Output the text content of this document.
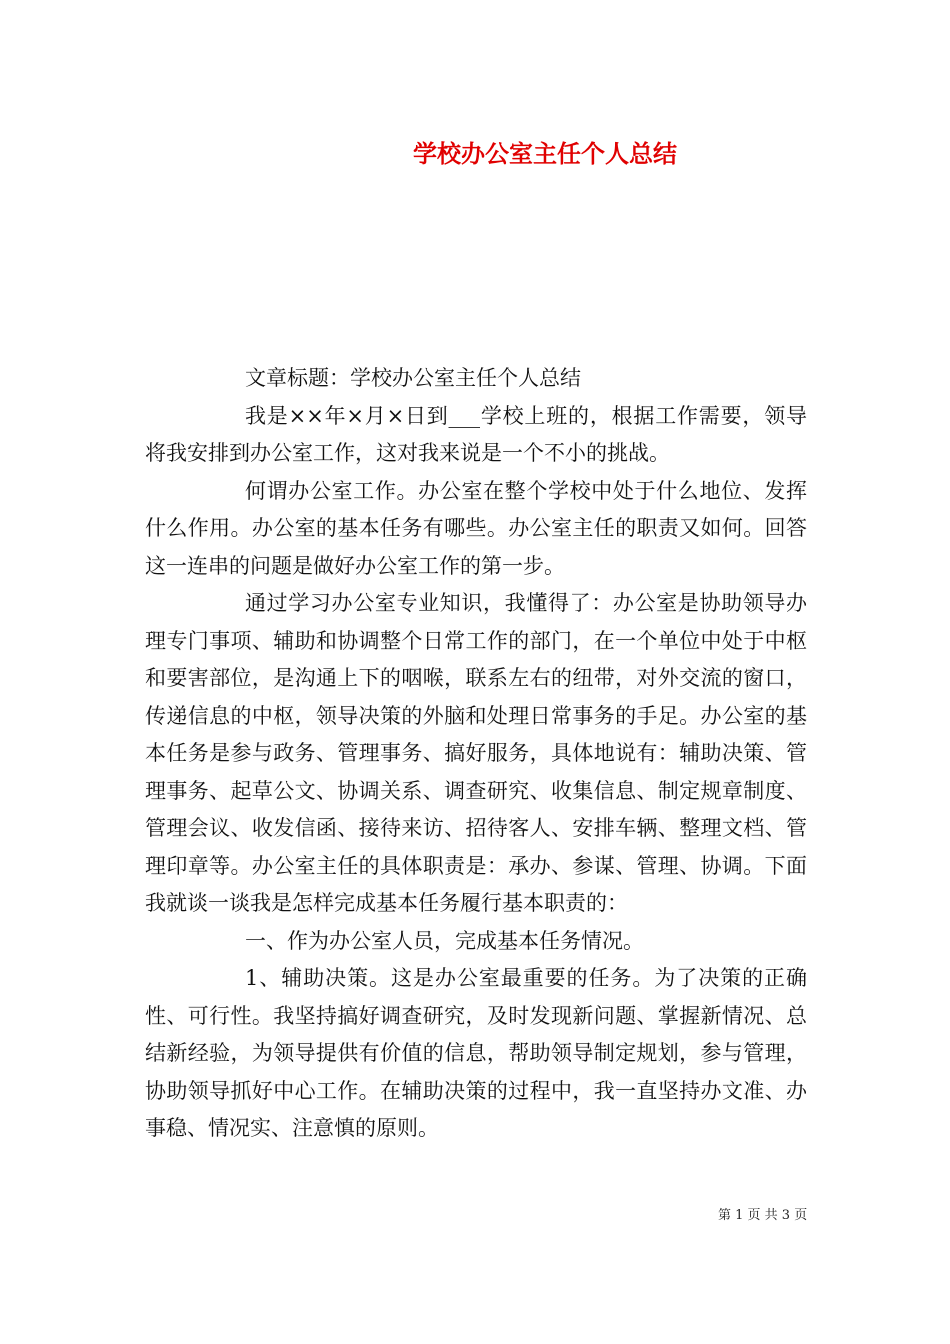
学校办公室主任个人总结

文章标题：学校办公室主任个人总结

我是××年×月×日到___学校上班的，根据工作需要，领导将我安排到办公室工作，这对我来说是一个不小的挑战。

何谓办公室工作。办公室在整个学校中处于什么地位、发挥什么作用。办公室的基本任务有哪些。办公室主任的职责又如何。回答这一连串的问题是做好办公室工作的第一步。

通过学习办公室专业知识，我懂得了：办公室是协助领导办理专门事项、辅助和协调整个日常工作的部门，在一个单位中处于中枢和要害部位，是沟通上下的咽喉，联系左右的纽带，对外交流的窗口，传递信息的中枢，领导决策的外脑和处理日常事务的手足。办公室的基本任务是参与政务、管理事务、搞好服务，具体地说有：辅助决策、管理事务、起草公文、协调关系、调查研究、收集信息、制定规章制度、管理会议、收发信函、接待来访、招待客人、安排车辆、整理文档、管理印章等。办公室主任的具体职责是：承办、参谋、管理、协调。下面我就谈一谈我是怎样完成基本任务履行基本职责的：

一、作为办公室人员，完成基本任务情况。

1、辅助决策。这是办公室最重要的任务。为了决策的正确性、可行性。我坚持搞好调查研究，及时发现新问题、掌握新情况、总结新经验，为领导提供有价值的信息，帮助领导制定规划，参与管理，协助领导抓好中心工作。在辅助决策的过程中，我一直坚持办文准、办事稳、情况实、注意慎的原则。

第 1 页 共 3 页
